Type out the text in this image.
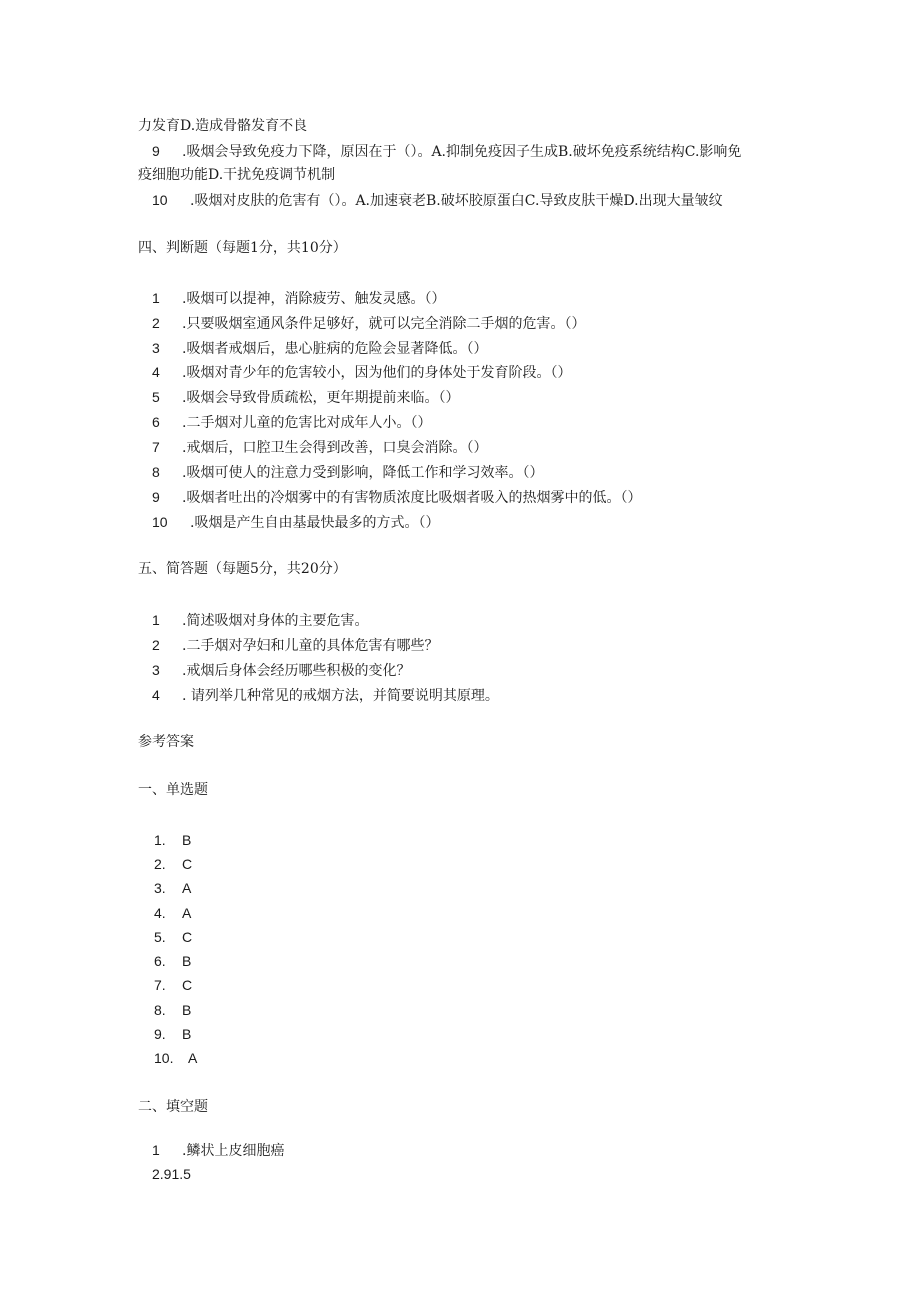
力发育D.造成骨骼发育不良
9 .吸烟会导致免疫力下降，原因在于（）。A.抑制免疫因子生成B.破坏免疫系统结构C.影响免
疫细胞功能D.干扰免疫调节机制
10 .吸烟对皮肤的危害有（）。A.加速衰老B.破坏胶原蛋白C.导致皮肤干燥D.出现大量皱纹
四、判断题（每题1分，共10分）
1 .吸烟可以提神，消除疲劳、触发灵感。（）
2 .只要吸烟室通风条件足够好，就可以完全消除二手烟的危害。（）
3 .吸烟者戒烟后，患心脏病的危险会显著降低。（）
4 .吸烟对青少年的危害较小，因为他们的身体处于发育阶段。（）
5 .吸烟会导致骨质疏松，更年期提前来临。（）
6 .二手烟对儿童的危害比对成年人小。（）
7 .戒烟后，口腔卫生会得到改善，口臭会消除。（）
8 .吸烟可使人的注意力受到影响，降低工作和学习效率。（）
9 .吸烟者吐出的冷烟雾中的有害物质浓度比吸烟者吸入的热烟雾中的低。（）
10 .吸烟是产生自由基最快最多的方式。（）
五、简答题（每题5分，共20分）
1 .简述吸烟对身体的主要危害。
2 .二手烟对孕妇和儿童的具体危害有哪些？
3 .戒烟后身体会经历哪些积极的变化？
4 . 请列举几种常见的戒烟方法，并简要说明其原理。
参考答案
一、单选题
1. B
2. C
3. A
4. A
5. C
6. B
7. C
8. B
9. B
10. A
二、填空题
1 .鳞状上皮细胞癌
2.91.5
